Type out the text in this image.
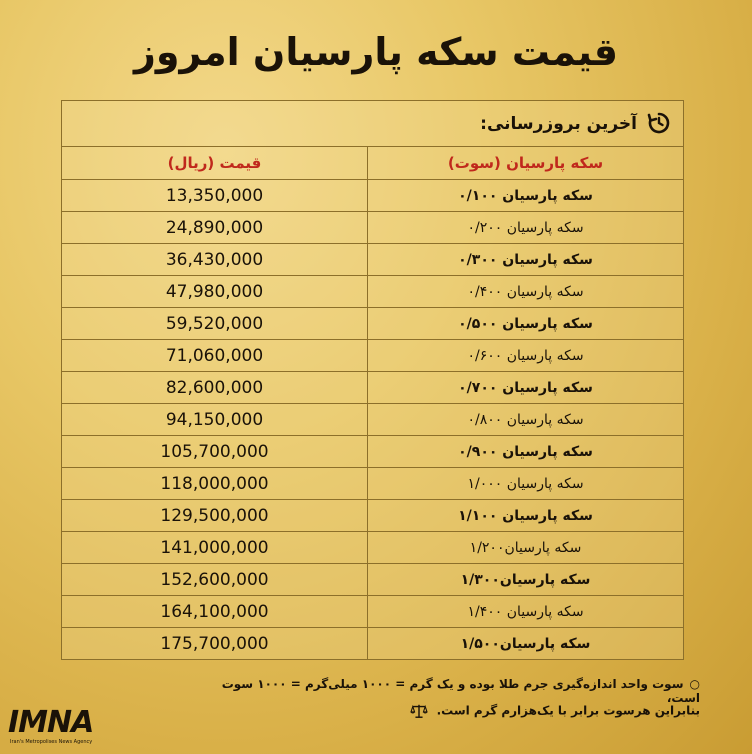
قیمت سکه پارسیان امروز
آخرین بروزرسانی:	
سکه پارسیان (سوت)	قیمت (ریال)
سکه پارسیان ۰/۱۰۰	13,350,000
سکه پارسیان ۰/۲۰۰	24,890,000
سکه پارسیان ۰/۳۰۰	36,430,000
سکه پارسیان ۰/۴۰۰	47,980,000
سکه پارسیان ۰/۵۰۰	59,520,000
سکه پارسیان ۰/۶۰۰	71,060,000
سکه پارسیان ۰/۷۰۰	82,600,000
سکه پارسیان ۰/۸۰۰	94,150,000
سکه پارسیان ۰/۹۰۰	105,700,000
سکه پارسیان ۱/۰۰۰	118,000,000
سکه پارسیان ۱/۱۰۰	129,500,000
سکه پارسیان۱/۲۰۰	141,000,000
سکه پارسیان۱/۳۰۰	152,600,000
سکه پارسیان ۱/۴۰۰	164,100,000
سکه پارسیان۱/۵۰۰	175,700,000
○سوت واحد اندازه‌گیری جرم طلا بوده و یک گرم = ۱۰۰۰ میلی‌گرم = ۱۰۰۰ سوت است،
بنابراین هرسوت برابر با یک‌هزارم گرم است.
IMNA
Iran's Metropolises News Agency
